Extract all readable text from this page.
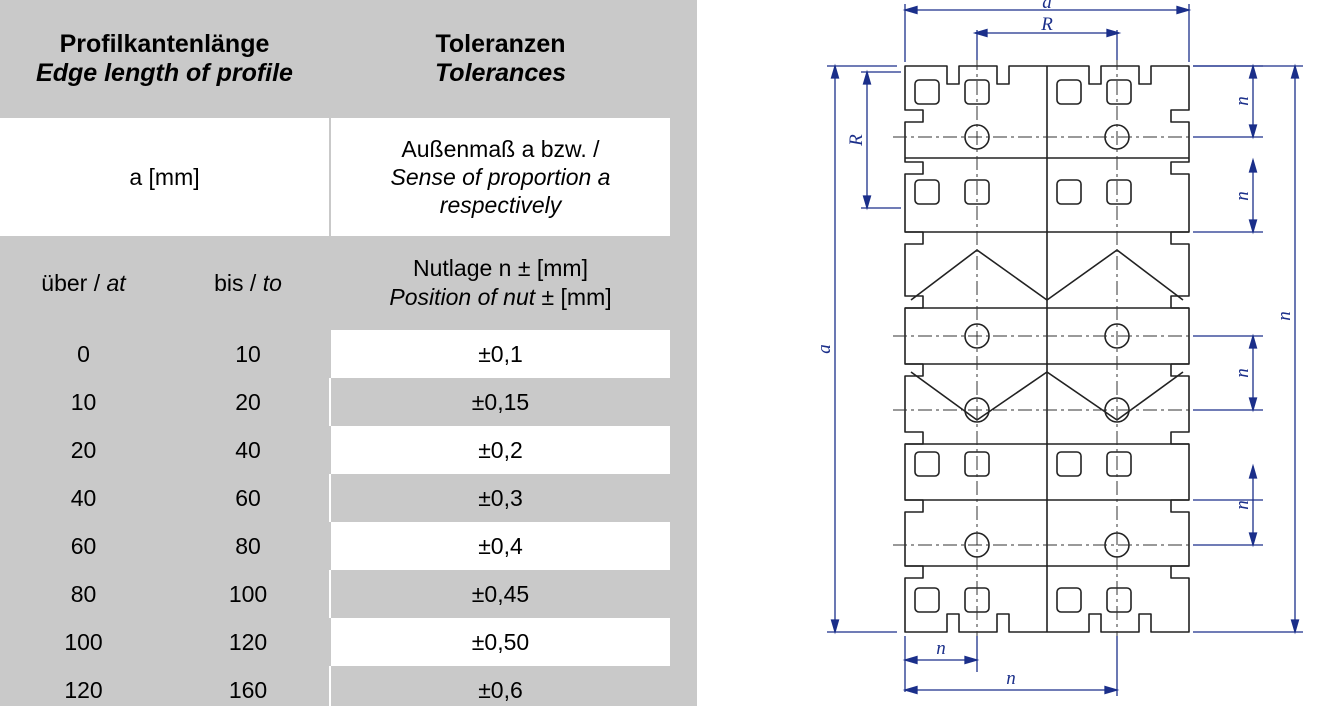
Profilkantenlänge
Edge length of profile		Toleranzen
Tolerances

a [mm]		Außenmaß a bzw. /
Sense of proportion a respectively

über / at	bis / to	Nutlage n ± [mm]
Position of nut ± [mm]

0	10	±0,1
10	20	±0,15
20	40	±0,2
40	60	±0,3
60	80	±0,4
80	100	±0,45
100	120	±0,50
120	160	±0,6
a
R
a
R
n
n
n
n
n
n
n
